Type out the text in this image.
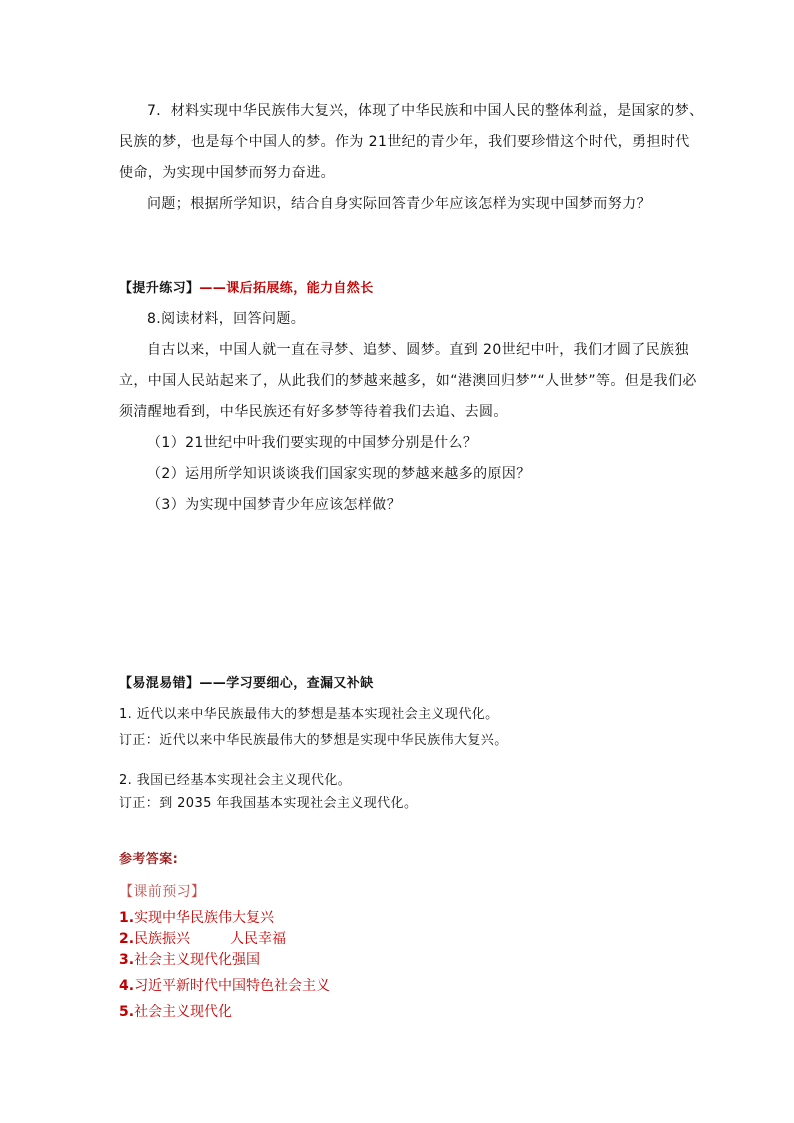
7．材料实现中华民族伟大复兴，体现了中华民族和中国人民的整体利益，是国家的梦、
民族的梦，也是每个中国人的梦。作为 21世纪的青少年，我们要珍惜这个时代，勇担时代
使命，为实现中国梦而努力奋进。
问题；根据所学知识，结合自身实际回答青少年应该怎样为实现中国梦而努力？
【提升练习】——课后拓展练，能力自然长
8.阅读材料，回答问题。
自古以来，中国人就一直在寻梦、追梦、圆梦。直到 20世纪中叶，我们才圆了民族独
立，中国人民站起来了，从此我们的梦越来越多，如“港澳回归梦”“人世梦”等。但是我们必
须清醒地看到，中华民族还有好多梦等待着我们去追、去圆。
（1）21世纪中叶我们要实现的中国梦分别是什么？
（2）运用所学知识谈谈我们国家实现的梦越来越多的原因？
（3）为实现中国梦青少年应该怎样做？
【易混易错】——学习要细心，查漏又补缺
1. 近代以来中华民族最伟大的梦想是基本实现社会主义现代化。
订正：近代以来中华民族最伟大的梦想是实现中华民族伟大复兴。
2. 我国已经基本实现社会主义现代化。
订正：到 2035 年我国基本实现社会主义现代化。
参考答案:
【课前预习】
1.实现中华民族伟大复兴
2.民族振兴	人民幸福
3.社会主义现代化强国
4.习近平新时代中国特色社会主义
5.社会主义现代化
